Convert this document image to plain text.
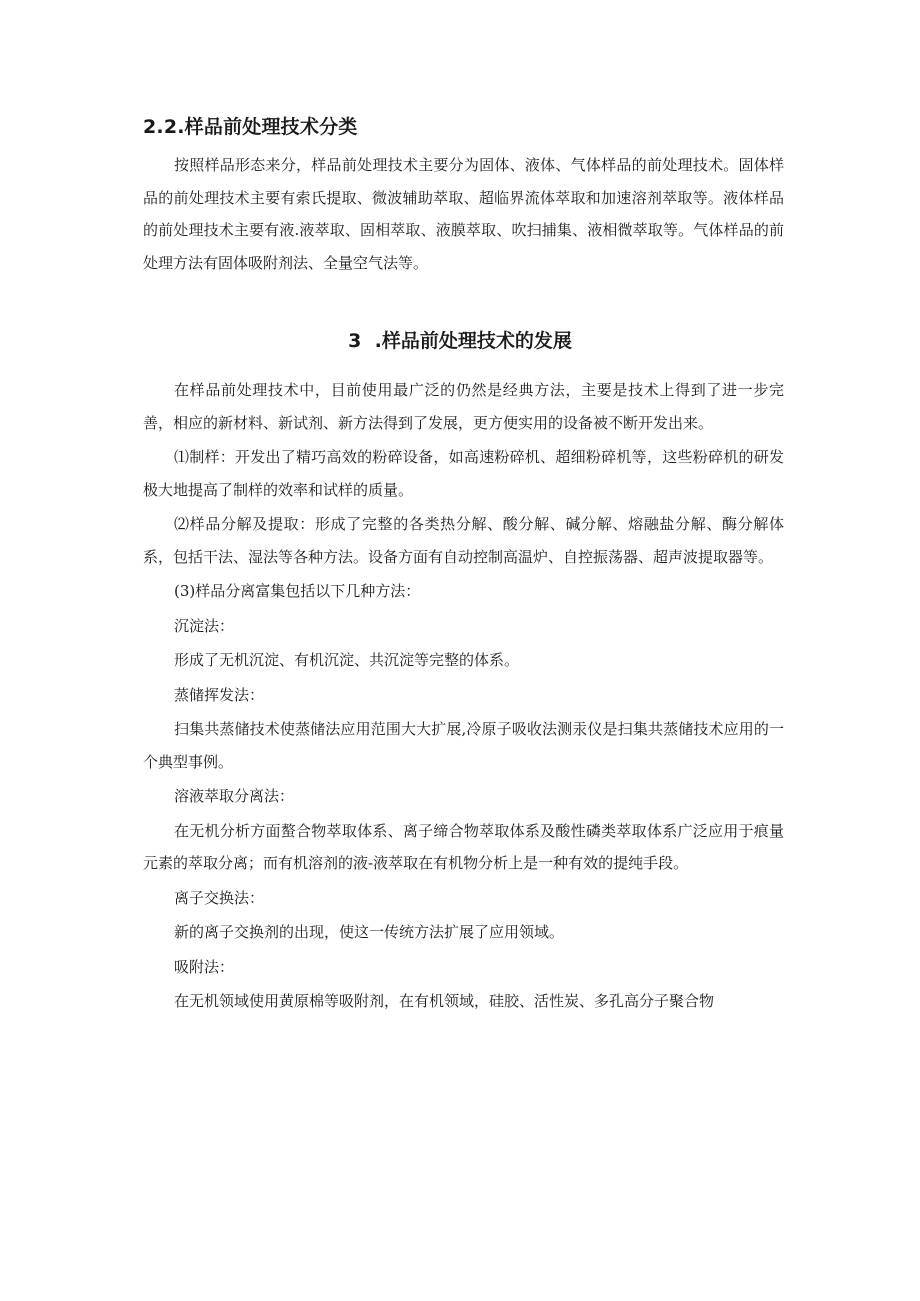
2.2.样品前处理技术分类
按照样品形态来分，样品前处理技术主要分为固体、液体、气体样品的前处理技术。固体样品的前处理技术主要有索氏提取、微波辅助萃取、超临界流体萃取和加速溶剂萃取等。液体样品的前处理技术主要有液.液萃取、固相萃取、液膜萃取、吹扫捕集、液相微萃取等。气体样品的前处理方法有固体吸附剂法、全量空气法等。
3  .样品前处理技术的发展
在样品前处理技术中，目前使用最广泛的仍然是经典方法，主要是技术上得到了进一步完善，相应的新材料、新试剂、新方法得到了发展，更方便实用的设备被不断开发出来。
⑴制样：开发出了精巧高效的粉碎设备，如高速粉碎机、超细粉碎机等，这些粉碎机的研发极大地提高了制样的效率和试样的质量。
⑵样品分解及提取：形成了完整的各类热分解、酸分解、碱分解、熔融盐分解、酶分解体系，包括干法、湿法等各种方法。设备方面有自动控制高温炉、自控振荡器、超声波提取器等。
(3)样品分离富集包括以下几种方法：
沉淀法：
形成了无机沉淀、有机沉淀、共沉淀等完整的体系。
蒸储挥发法：
扫集共蒸储技术使蒸储法应用范围大大扩展,冷原子吸收法测汞仪是扫集共蒸储技术应用的一个典型事例。
溶液萃取分离法：
在无机分析方面螯合物萃取体系、离子缔合物萃取体系及酸性磷类萃取体系广泛应用于痕量元素的萃取分离；而有机溶剂的液-液萃取在有机物分析上是一种有效的提纯手段。
离子交换法：
新的离子交换剂的出现，使这一传统方法扩展了应用领域。
吸附法：
在无机领域使用黄原棉等吸附剂，在有机领域，硅胶、活性炭、多孔高分子聚合物
